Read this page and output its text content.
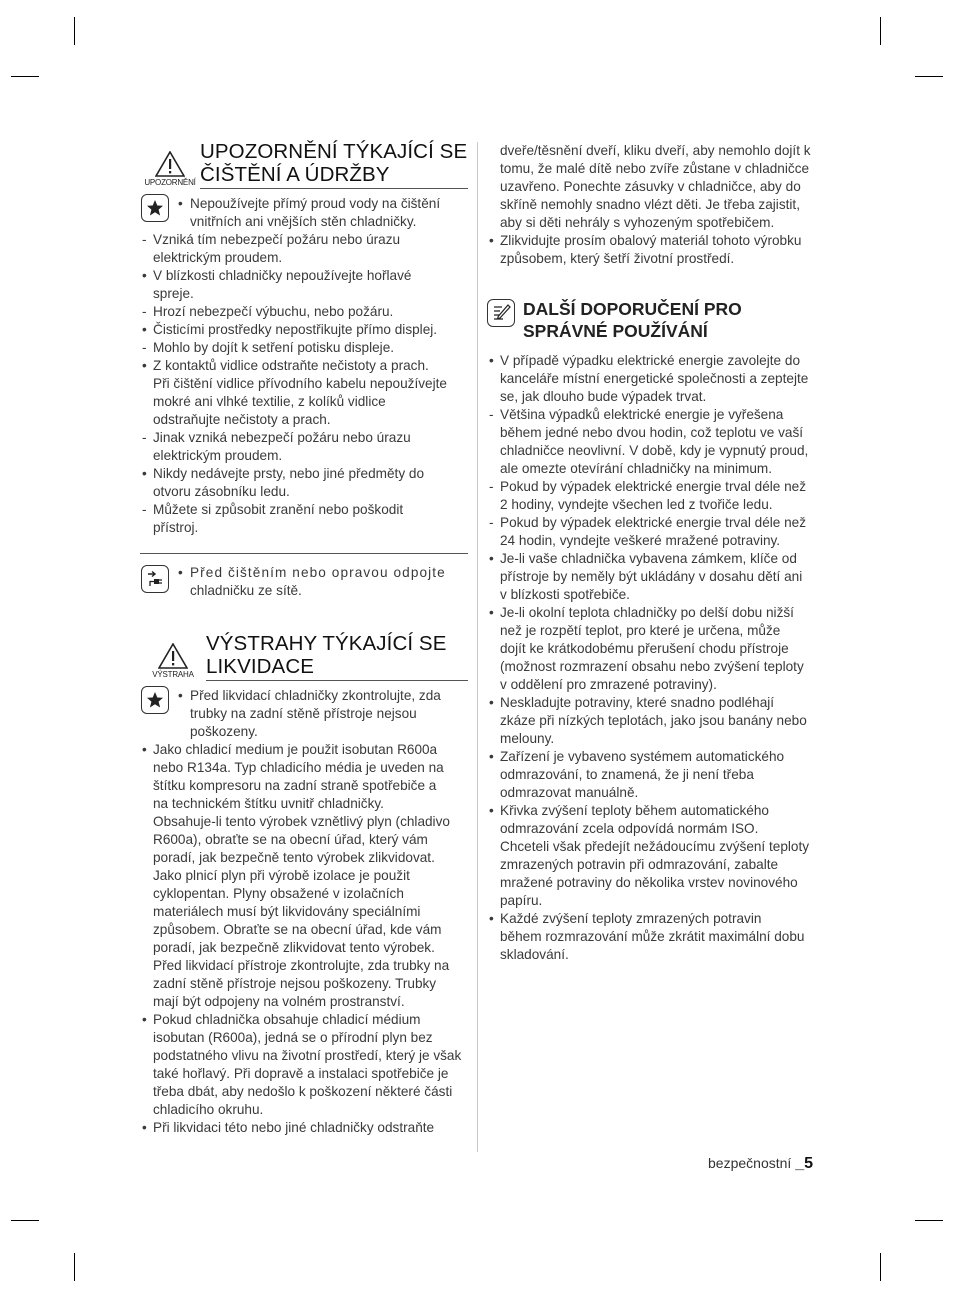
UPOZORNĚNÍ
UPOZORNĚNÍ TÝKAJÍCÍ SE
ČIŠTĚNÍ A ÚDRŽBY
• Nepoužívejte přímý proud vody na čištění
vnitřních ani vnějších stěn chladničky.
- Vzniká tím nebezpečí požáru nebo úrazu
elektrickým proudem.
• V blízkosti chladničky nepoužívejte hořlavé
spreje.
- Hrozí nebezpečí výbuchu, nebo požáru.
• Čisticími prostředky nepostřikujte přímo displej.
- Mohlo by dojít k setření potisku displeje.
• Z kontaktů vidlice odstraňte nečistoty a prach.
Při čištění vidlice přívodního kabelu nepoužívejte
mokré ani vlhké textilie, z kolíků vidlice
odstraňujte nečistoty a prach.
- Jinak vzniká nebezpečí požáru nebo úrazu
elektrickým proudem.
• Nikdy nedávejte prsty, nebo jiné předměty do
otvoru zásobníku ledu.
- Můžete si způsobit zranění nebo poškodit
přístroj.
• Před čištěním nebo opravou odpojte
chladničku ze sítě.
VÝSTRAHA
VÝSTRAHY TÝKAJÍCÍ SE
LIKVIDACE
• Před likvidací chladničky zkontrolujte, zda
trubky na zadní stěně přístroje nejsou
poškozeny.
• Jako chladicí medium je použit isobutan R600a
nebo R134a. Typ chladicího média je uveden na
štítku kompresoru na zadní straně spotřebiče a
na technickém štítku uvnitř chladničky.
Obsahuje-li tento výrobek vznětlivý plyn (chladivo
R600a), obraťte se na obecní úřad, který vám
poradí, jak bezpečně tento výrobek zlikvidovat.
Jako plnicí plyn při výrobě izolace je použit
cyklopentan. Plyny obsažené v izolačních
materiálech musí být likvidovány speciálními
způsobem. Obraťte se na obecní úřad, kde vám
poradí, jak bezpečně zlikvidovat tento výrobek.
Před likvidací přístroje zkontrolujte, zda trubky na
zadní stěně přístroje nejsou poškozeny. Trubky
mají být odpojeny na volném prostranství.
• Pokud chladnička obsahuje chladicí médium
isobutan (R600a), jedná se o přírodní plyn bez
podstatného vlivu na životní prostředí, který je však
také hořlavý. Při dopravě a instalaci spotřebiče je
třeba dbát, aby nedošlo k poškození některé části
chladicího okruhu.
• Při likvidaci této nebo jiné chladničky odstraňte
dveře/těsnění dveří, kliku dveří, aby nemohlo dojít k
tomu, že malé dítě nebo zvíře zůstane v chladničce
uzavřeno. Ponechte zásuvky v chladničce, aby do
skříně nemohly snadno vlézt děti. Je třeba zajistit,
aby si děti nehrály s vyhozeným spotřebičem.
• Zlikvidujte prosím obalový materiál tohoto výrobku
způsobem, který šetří životní prostředí.
DALŠÍ DOPORUČENÍ PRO
SPRÁVNÉ POUŽÍVÁNÍ
• V případě výpadku elektrické energie zavolejte do
kanceláře místní energetické společnosti a zeptejte
se, jak dlouho bude výpadek trvat.
- Většina výpadků elektrické energie je vyřešena
během jedné nebo dvou hodin, což teplotu ve vaší
chladničce neovlivní. V době, kdy je vypnutý proud,
ale omezte otevírání chladničky na minimum.
- Pokud by výpadek elektrické energie trval déle než
2 hodiny, vyndejte všechen led z tvořiče ledu.
- Pokud by výpadek elektrické energie trval déle než
24 hodin, vyndejte veškeré mražené potraviny.
• Je-li vaše chladnička vybavena zámkem, klíče od
přístroje by neměly být ukládány v dosahu dětí ani
v blízkosti spotřebiče.
• Je-li okolní teplota chladničky po delší dobu nižší
než je rozpětí teplot, pro které je určena, může
dojít ke krátkodobému přerušení chodu přístroje
(možnost rozmrazení obsahu nebo zvýšení teploty
v oddělení pro zmrazené potraviny).
• Neskladujte potraviny, které snadno podléhají
zkáze při nízkých teplotách, jako jsou banány nebo
melouny.
• Zařízení je vybaveno systémem automatického
odmrazování, to znamená, že ji není třeba
odmrazovat manuálně.
• Křivka zvýšení teploty během automatického
odmrazování zcela odpovídá normám ISO.
Chceteli však předejít nežádoucímu zvýšení teploty
zmrazených potravin při odmrazování, zabalte
mražené potraviny do několika vrstev novinového
papíru.
• Každé zvýšení teploty zmrazených potravin
během rozmrazování může zkrátit maximální dobu
skladování.
bezpečnostní _5
